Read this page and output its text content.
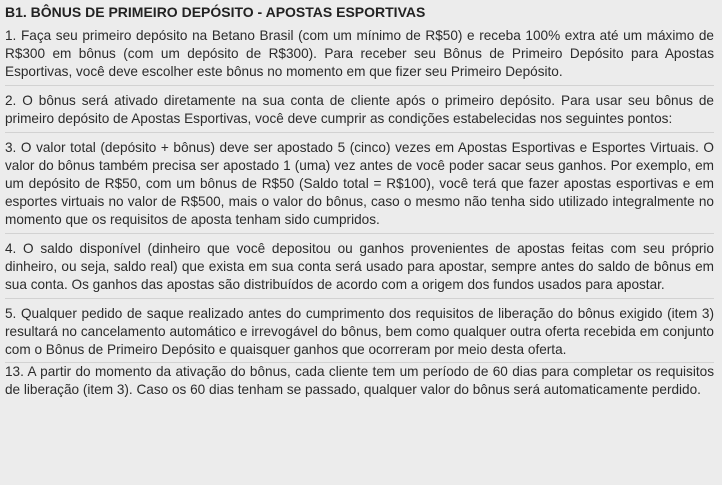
B1. BÔNUS DE PRIMEIRO DEPÓSITO - APOSTAS ESPORTIVAS

1. Faça seu primeiro depósito na Betano Brasil (com um mínimo de R$50) e receba 100% extra até um máximo de R$300 em bônus (com um depósito de R$300). Para receber seu Bônus de Primeiro Depósito para Apostas Esportivas, você deve escolher este bônus no momento em que fizer seu Primeiro Depósito.

2. O bônus será ativado diretamente na sua conta de cliente após o primeiro depósito. Para usar seu bônus de primeiro depósito de Apostas Esportivas, você deve cumprir as condições estabelecidas nos seguintes pontos:

3. O valor total (depósito + bônus) deve ser apostado 5 (cinco) vezes em Apostas Esportivas e Esportes Virtuais. O valor do bônus também precisa ser apostado 1 (uma) vez antes de você poder sacar seus ganhos. Por exemplo, em um depósito de R$50, com um bônus de R$50 (Saldo total = R$100), você terá que fazer apostas esportivas e em esportes virtuais no valor de R$500, mais o valor do bônus, caso o mesmo não tenha sido utilizado integralmente no momento que os requisitos de aposta tenham sido cumpridos.

4. O saldo disponível (dinheiro que você depositou ou ganhos provenientes de apostas feitas com seu próprio dinheiro, ou seja, saldo real) que exista em sua conta será usado para apostar, sempre antes do saldo de bônus em sua conta. Os ganhos das apostas são distribuídos de acordo com a origem dos fundos usados para apostar.

5. Qualquer pedido de saque realizado antes do cumprimento dos requisitos de liberação do bônus exigido (item 3) resultará no cancelamento automático e irrevogável do bônus, bem como qualquer outra oferta recebida em conjunto com o Bônus de Primeiro Depósito e quaisquer ganhos que ocorreram por meio desta oferta.

13. A partir do momento da ativação do bônus, cada cliente tem um período de 60 dias para completar os requisitos de liberação (item 3). Caso os 60 dias tenham se passado, qualquer valor do bônus será automaticamente perdido.
